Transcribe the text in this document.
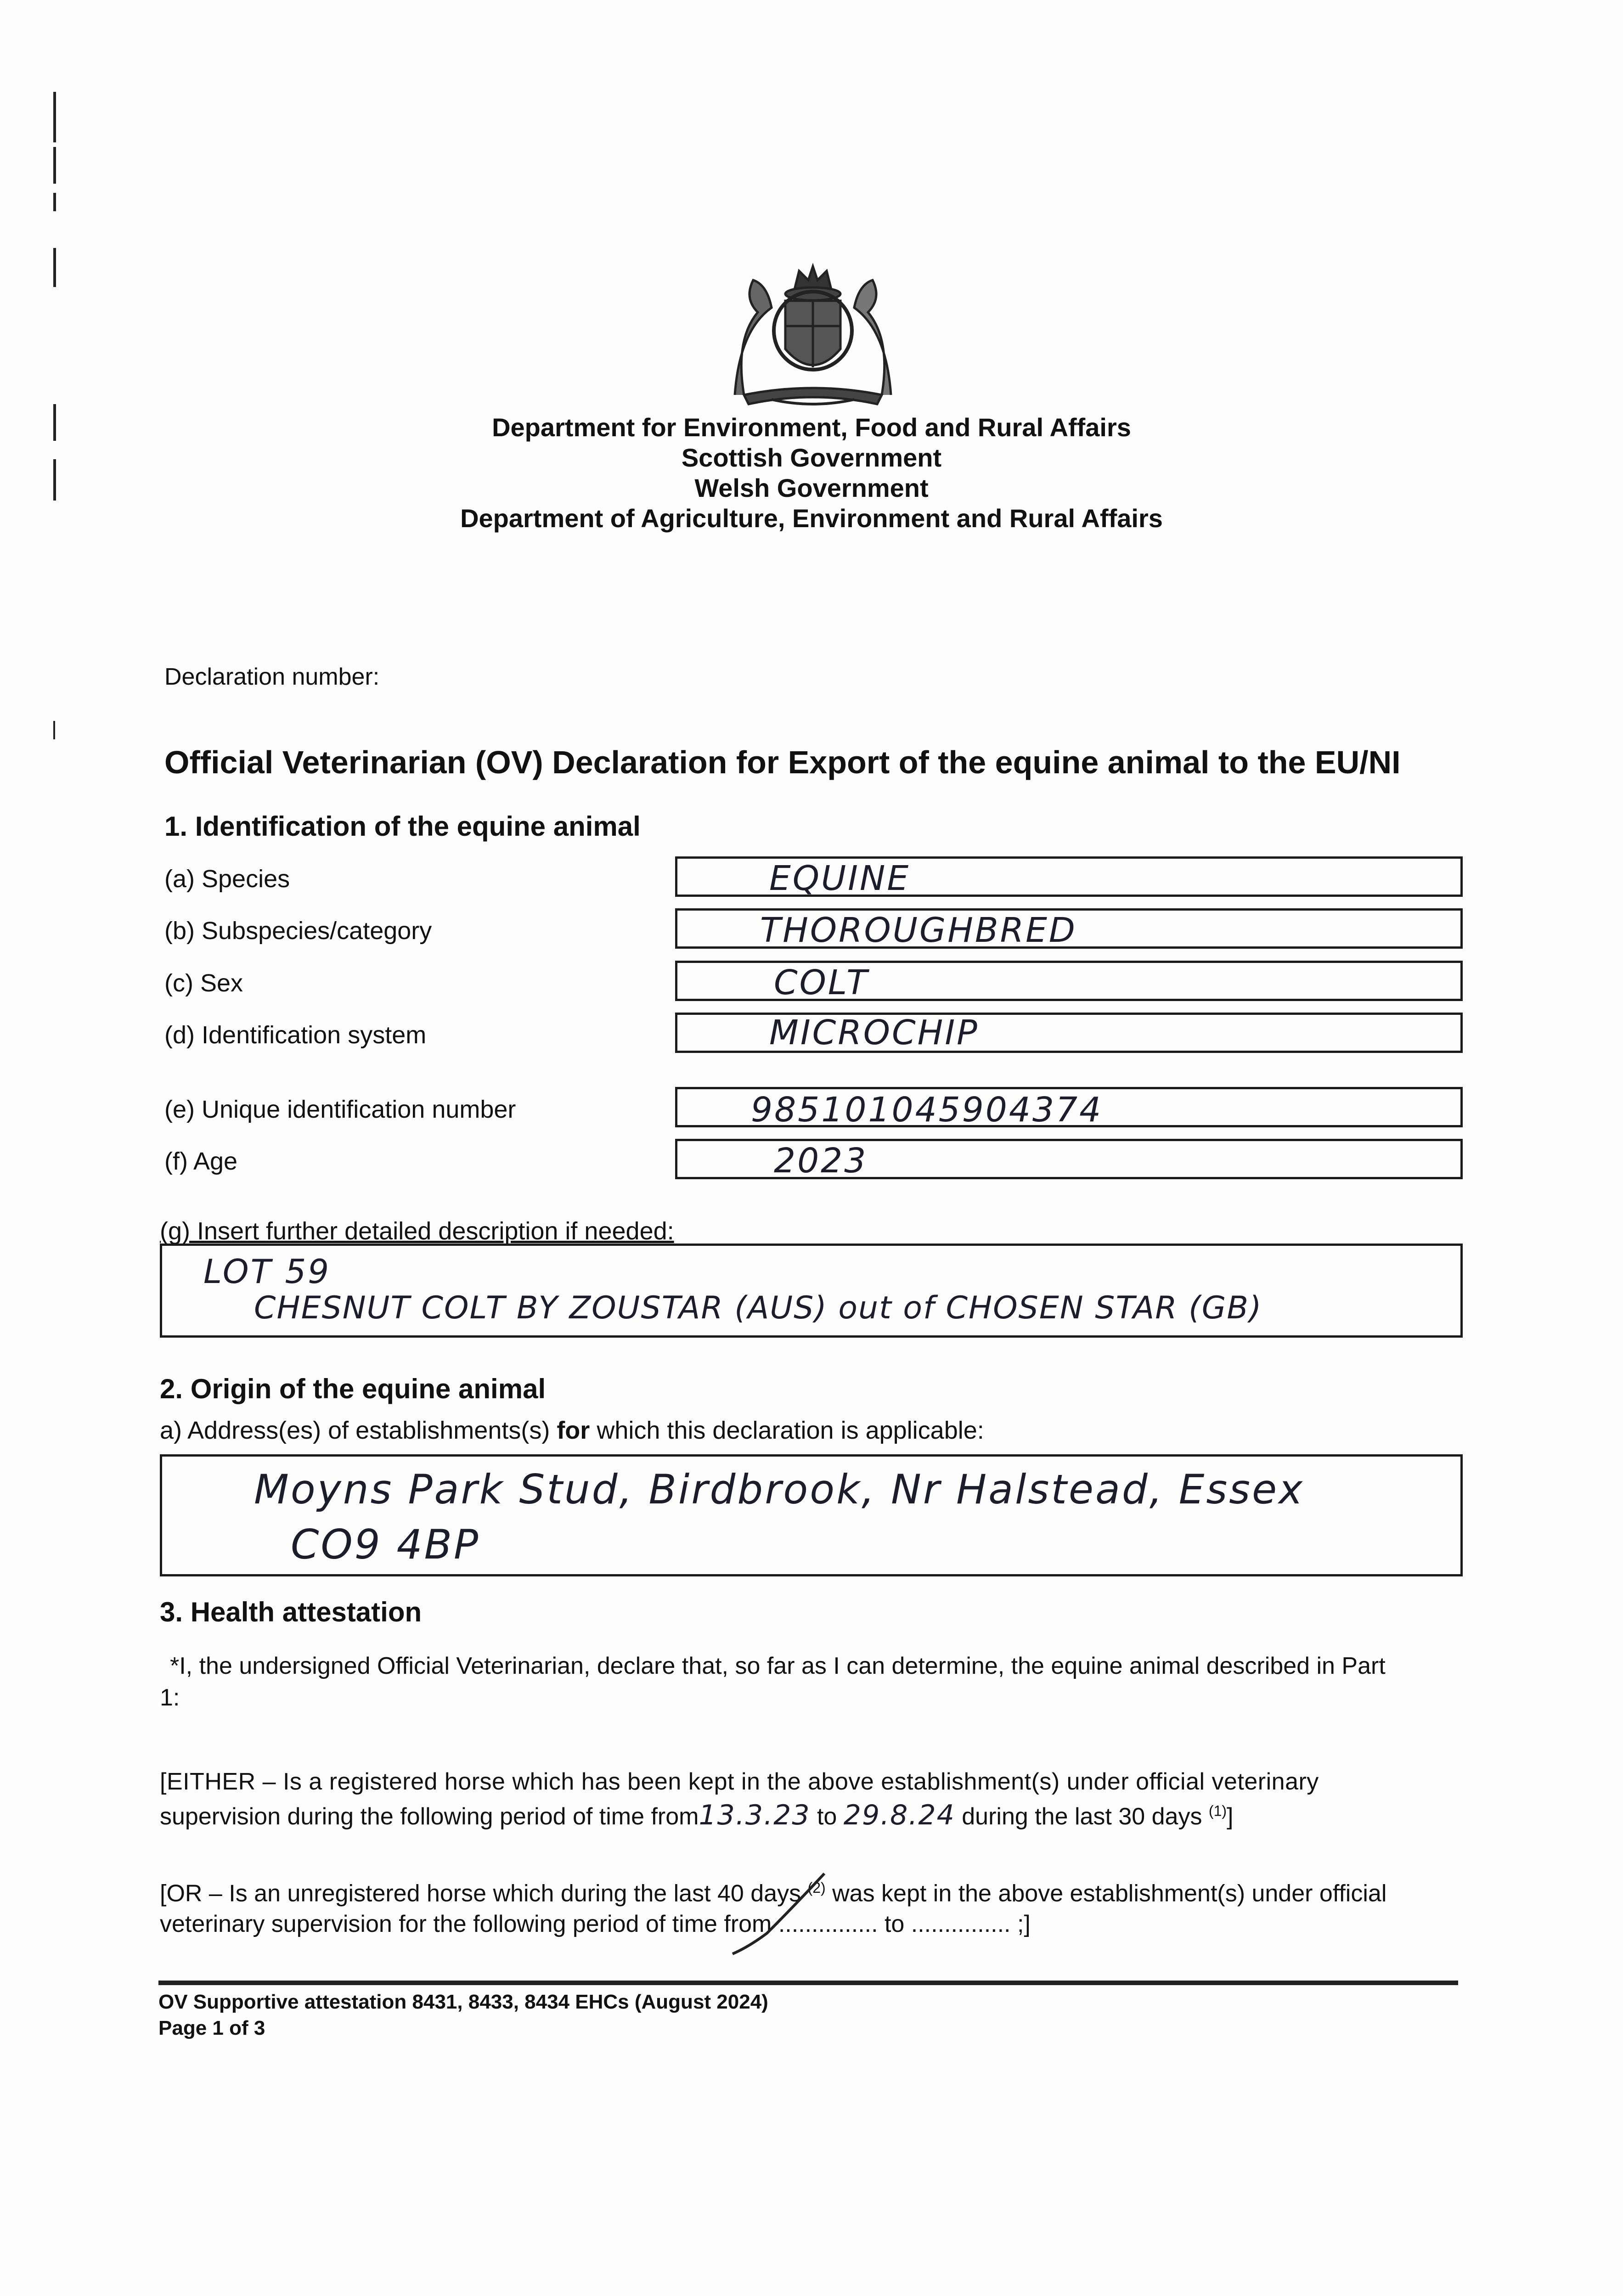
Department for Environment, Food and Rural Affairs
Scottish Government
Welsh Government
Department of Agriculture, Environment and Rural Affairs
Declaration number:
Official Veterinarian (OV) Declaration for Export of the equine animal to the EU/NI
1. Identification of the equine animal
(a) Species	EQUINE
(b) Subspecies/category	THOROUGHBRED
(c) Sex	COLT
(d) Identification system	MICROCHIP
(e) Unique identification number	985101045904374
(f) Age	2023
(g) Insert further detailed description if needed:
LOT 59
CHESNUT COLT BY ZOUSTAR (AUS) out of CHOSEN STAR (GB)
2. Origin of the equine animal
a) Address(es) of establishments(s) for which this declaration is applicable:
Moyns Park Stud, Birdbrook, Nr Halstead, Essex
CO9 4BP
3. Health attestation
*I, the undersigned Official Veterinarian, declare that, so far as I can determine, the equine animal described in Part
1:
[EITHER – Is a registered horse which has been kept in the above establishment(s) under official veterinary
supervision during the following period of time from13.3.23 to 29.8.24 during the last 30 days $^{(1)}$]
[OR – Is an unregistered horse which during the last 40 days $^{(2)}$ was kept in the above establishment(s) under official
veterinary supervision for the following period of time from ............... to ............... ;]
OV Supportive attestation 8431, 8433, 8434 EHCs (August 2024)
Page 1 of 3
